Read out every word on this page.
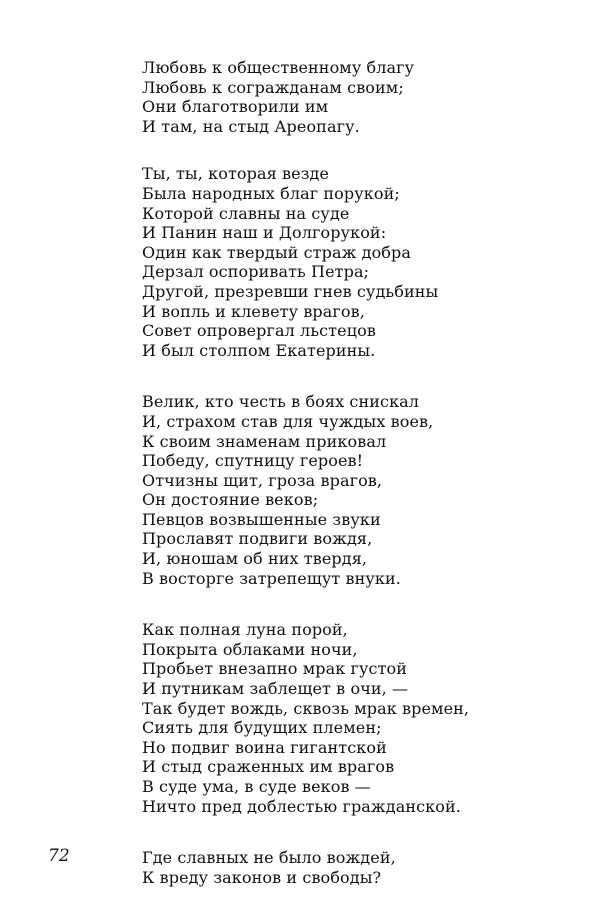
Любовь к общественному благу
Любовь к согражданам своим;
Они благотворили им
И там, на стыд Ареопагу.
Ты, ты, которая везде
Была народных благ порукой;
Которой славны на суде
И Панин наш и Долгорукой:
Один как твердый страж добра
Дерзал оспоривать Петра;
Другой, презревши гнев судьбины
И вопль и клевету врагов,
Совет опровергал льстецов
И был столпом Екатерины.
Велик, кто честь в боях снискал
И, страхом став для чуждых воев,
К своим знаменам приковал
Победу, спутницу героев!
Отчизны щит, гроза врагов,
Он достояние веков;
Певцов возвышенные звуки
Прославят подвиги вождя,
И, юношам об них твердя,
В восторге затрепещут внуки.
Как полная луна порой,
Покрыта облаками ночи,
Пробьет внезапно мрак густой
И путникам заблещет в очи, —
Так будет вождь, сквозь мрак времен,
Сиять для будущих племен;
Но подвиг воина гигантской
И стыд сраженных им врагов
В суде ума, в суде веков —
Ничто пред доблестью гражданской.
Где славных не было вождей,
К вреду законов и свободы?
72
